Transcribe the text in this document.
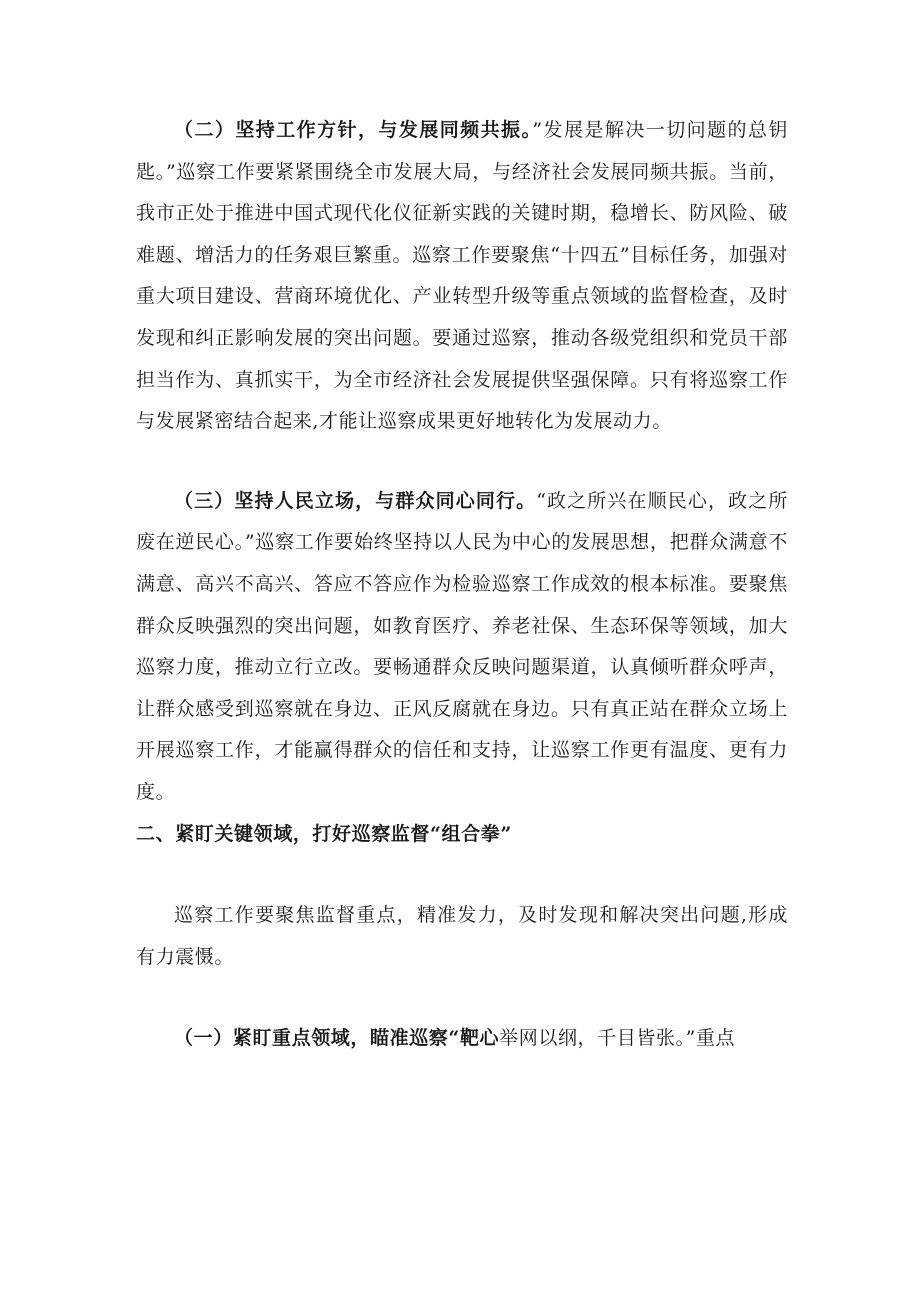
（二）坚持工作方针，与发展同频共振。”发展是解决一切问题的总钥匙。”巡察工作要紧紧围绕全市发展大局，与经济社会发展同频共振。当前，我市正处于推进中国式现代化仪征新实践的关键时期，稳增长、防风险、破难题、增活力的任务艰巨繁重。巡察工作要聚焦“十四五”目标任务，加强对重大项目建设、营商环境优化、产业转型升级等重点领域的监督检查，及时发现和纠正影响发展的突出问题。要通过巡察，推动各级党组织和党员干部担当作为、真抓实干，为全市经济社会发展提供坚强保障。只有将巡察工作与发展紧密结合起来,才能让巡察成果更好地转化为发展动力。

（三）坚持人民立场，与群众同心同行。“政之所兴在顺民心，政之所废在逆民心。”巡察工作要始终坚持以人民为中心的发展思想，把群众满意不满意、高兴不高兴、答应不答应作为检验巡察工作成效的根本标准。要聚焦群众反映强烈的突出问题，如教育医疗、养老社保、生态环保等领域，加大巡察力度，推动立行立改。要畅通群众反映问题渠道，认真倾听群众呼声，让群众感受到巡察就在身边、正风反腐就在身边。只有真正站在群众立场上开展巡察工作，才能赢得群众的信任和支持，让巡察工作更有温度、更有力度。

二、紧盯关键领域，打好巡察监督“组合拳”

巡察工作要聚焦监督重点，精准发力，及时发现和解决突出问题,形成有力震慑。

（一）紧盯重点领域，瞄准巡察“靶心举网以纲，千目皆张。”重点
